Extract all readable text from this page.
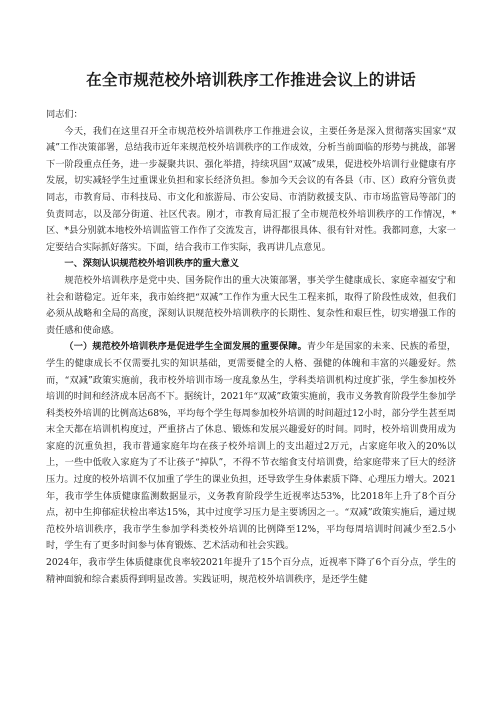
在全市规范校外培训秩序工作推进会议上的讲话

同志们：

今天，我们在这里召开全市规范校外培训秩序工作推进会议，主要任务是深入贯彻落实国家“双减”工作决策部署，总结我市近年来规范校外培训秩序的工作成效，分析当前面临的形势与挑战，部署下一阶段重点任务，进一步凝聚共识、强化举措，持续巩固“双减”成果，促进校外培训行业健康有序发展，切实减轻学生过重课业负担和家长经济负担。参加今天会议的有各县（市、区）政府分管负责同志，市教育局、市科技局、市文化和旅游局、市公安局、市消防救援支队、市市场监管局等部门的负责同志，以及部分街道、社区代表。刚才，市教育局汇报了全市规范校外培训秩序的工作情况，*区、*县分别就本地校外培训监管工作作了交流发言，讲得都很具体、很有针对性。我都同意，大家一定要结合实际抓好落实。下面，结合我市工作实际，我再讲几点意见。

一、深刻认识规范校外培训秩序的重大意义

规范校外培训秩序是党中央、国务院作出的重大决策部署，事关学生健康成长、家庭幸福安宁和社会和谐稳定。近年来，我市始终把“双减”工作作为重大民生工程来抓，取得了阶段性成效，但我们必须从战略和全局的高度，深刻认识规范校外培训秩序的长期性、复杂性和艰巨性，切实增强工作的责任感和使命感。

（一）规范校外培训秩序是促进学生全面发展的重要保障。青少年是国家的未来、民族的希望，学生的健康成长不仅需要扎实的知识基础，更需要健全的人格、强健的体魄和丰富的兴趣爱好。然而，“双减”政策实施前，我市校外培训市场一度乱象丛生，学科类培训机构过度扩张，学生参加校外培训的时间和经济成本居高不下。据统计，2021年“双减”政策实施前，我市义务教育阶段学生参加学科类校外培训的比例高达68%，平均每个学生每周参加校外培训的时间超过12小时，部分学生甚至周末全天都在培训机构度过，严重挤占了休息、锻炼和发展兴趣爱好的时间。同时，校外培训费用成为家庭的沉重负担，我市普通家庭年均在孩子校外培训上的支出超过2万元，占家庭年收入的20%以上，一些中低收入家庭为了不让孩子“掉队”，不得不节衣缩食支付培训费，给家庭带来了巨大的经济压力。过度的校外培训不仅加重了学生的课业负担，还导致学生身体素质下降、心理压力增大。2021年，我市学生体质健康监测数据显示，义务教育阶段学生近视率达53%，比2018年上升了8个百分点，初中生抑郁症状检出率达15%，其中过度学习压力是主要诱因之一。“双减”政策实施后，通过规范校外培训秩序，我市学生参加学科类校外培训的比例降至12%，平均每周培训时间减少至2.5小时，学生有了更多时间参与体育锻炼、艺术活动和社会实践。

2024年，我市学生体质健康优良率较2021年提升了15个百分点，近视率下降了6个百分点，学生的精神面貌和综合素质得到明显改善。实践证明，规范校外培训秩序，是还学生健
